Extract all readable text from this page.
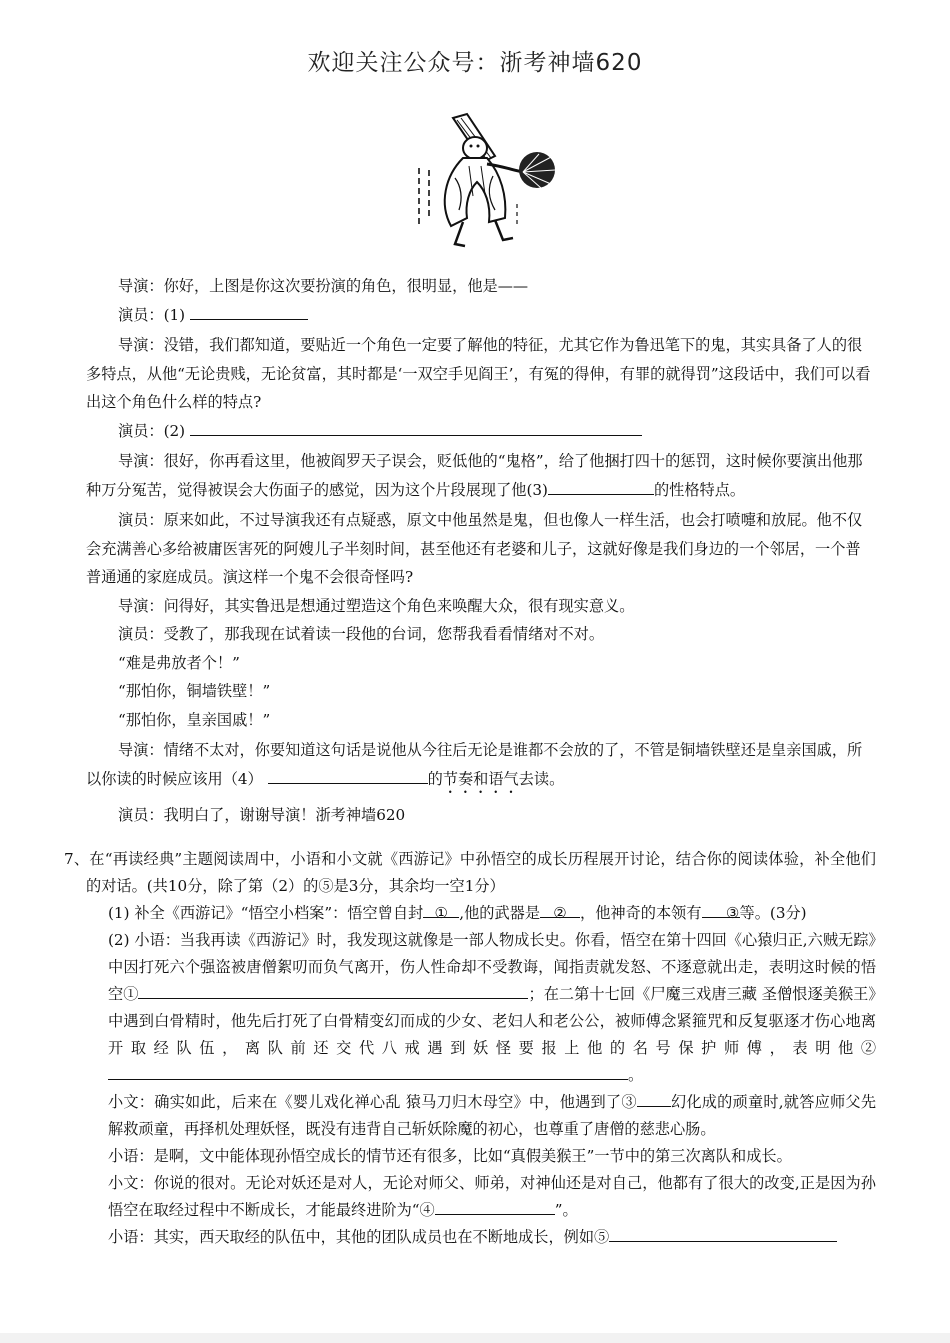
欢迎关注公众号：浙考神墙620

导演：你好，上图是你这次要扮演的角色，很明显，他是——

演员：(1)

导演：没错，我们都知道，要贴近一个角色一定要了解他的特征，尤其它作为鲁迅笔下的鬼，其实具备了人的很多特点，从他“无论贵贱，无论贫富，其时都是‘一双空手见阎王’，有冤的得伸，有罪的就得罚”这段话中，我们可以看出这个角色什么样的特点?

演员：(2)

导演：很好，你再看这里，他被阎罗天子误会，贬低他的“鬼格”，给了他捆打四十的惩罚，这时候你要演出他那种万分冤苦，觉得被误会大伤面子的感觉，因为这个片段展现了他(3)	的性格特点。

演员：原来如此，不过导演我还有点疑惑，原文中他虽然是鬼，但也像人一样生活，也会打喷嚏和放屁。他不仅会充满善心多给被庸医害死的阿嫂儿子半刻时间，甚至他还有老婆和儿子，这就好像是我们身边的一个邻居，一个普普通通的家庭成员。演这样一个鬼不会很奇怪吗?

导演：问得好，其实鲁迅是想通过塑造这个角色来唤醒大众，很有现实意义。

演员：受教了，那我现在试着读一段他的台词，您帮我看看情绪对不对。

“难是弗放者个！”

“那怕你，铜墙铁壁！”

“那怕你，皇亲国戚！”

导演：情绪不太对，你要知道这句话是说他从今往后无论是谁都不会放的了，不管是铜墙铁壁还是皇亲国戚，所以你读的时候应该用（4）	的节奏和语气去读。

演员：我明白了，谢谢导演！浙考神墙620

7、在“再读经典”主题阅读周中，小语和小文就《西游记》中孙悟空的成长历程展开讨论，结合你的阅读体验，补全他们的对话。(共10分，除了第（2）的⑤是3分，其余均一空1分）

(1) 补全《西游记》“悟空小档案”：悟空曾自封 ① ,他的武器是 ② ，他神奇的本领有 ③等。(3分)

(2) 小语：当我再读《西游记》时，我发现这就像是一部人物成长史。你看，悟空在第十四回《心猿归正,六贼无踪》中因打死六个强盗被唐僧絮叨而负气离开，伤人性命却不受教诲，闻指责就发怒、不逐意就出走，表明这时候的悟空①	；在二第十七回《尸魔三戏唐三藏 圣僧恨逐美猴王》中遇到白骨精时，他先后打死了白骨精变幻而成的少女、老妇人和老公公，被师傅念紧箍咒和反复驱逐才伤心地离开取经队伍，离队前还交代八戒遇到妖怪要报上他的名号保护师傅，表明他②。

小文：确实如此，后来在《婴儿戏化禅心乱 猿马刀归木母空》中，他遇到了③ 幻化成的顽童时,就答应师父先解救顽童，再择机处理妖怪，既没有违背自己斩妖除魔的初心，也尊重了唐僧的慈悲心肠。

小语：是啊，文中能体现孙悟空成长的情节还有很多，比如“真假美猴王”一节中的第三次离队和成长。

小文：你说的很对。无论对妖还是对人，无论对师父、师弟，对神仙还是对自己，他都有了很大的改变,正是因为孙悟空在取经过程中不断成长，才能最终进阶为“④	”。

小语：其实，西天取经的队伍中，其他的团队成员也在不断地成长，例如⑤
